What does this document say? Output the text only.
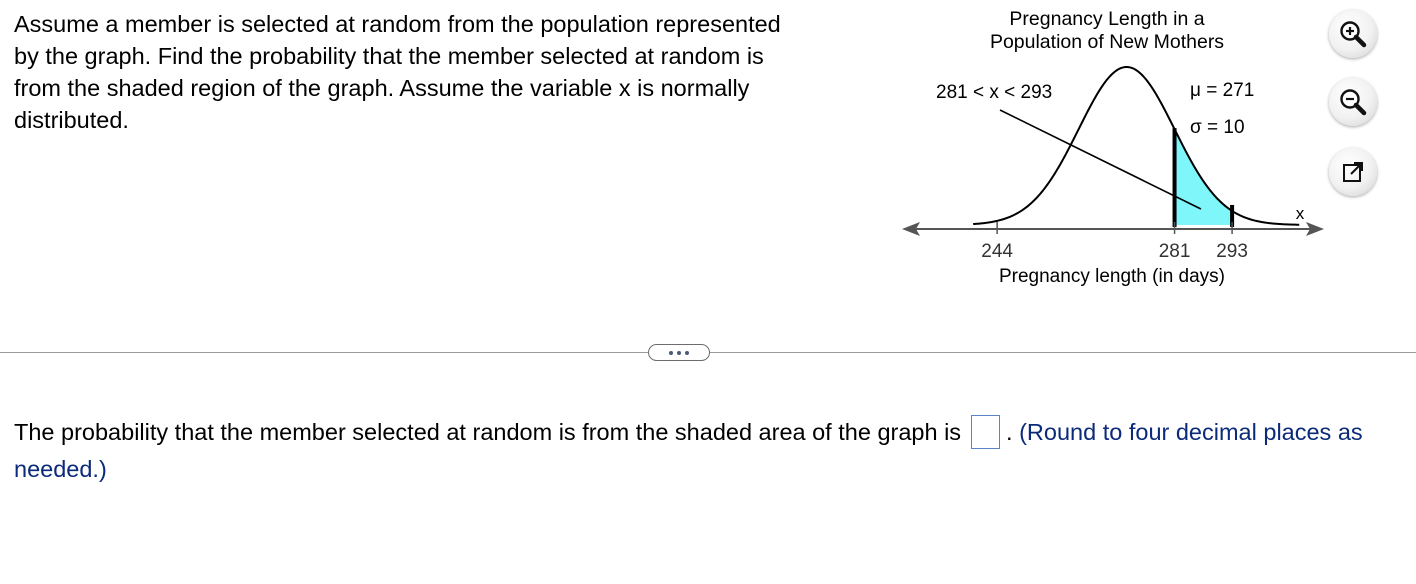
Assume a member is selected at random from the population represented by the graph. Find the probability that the member selected at random is from the shaded region of the graph. Assume the variable x is normally distributed.
Pregnancy Length in a
Population of New Mothers
244	281 293
x
Pregnancy length (in days)
281 < x < 293	μ = 271
σ = 10
The probability that the member selected at random is from the shaded area of the graph is . (Round to four decimal places as needed.)
